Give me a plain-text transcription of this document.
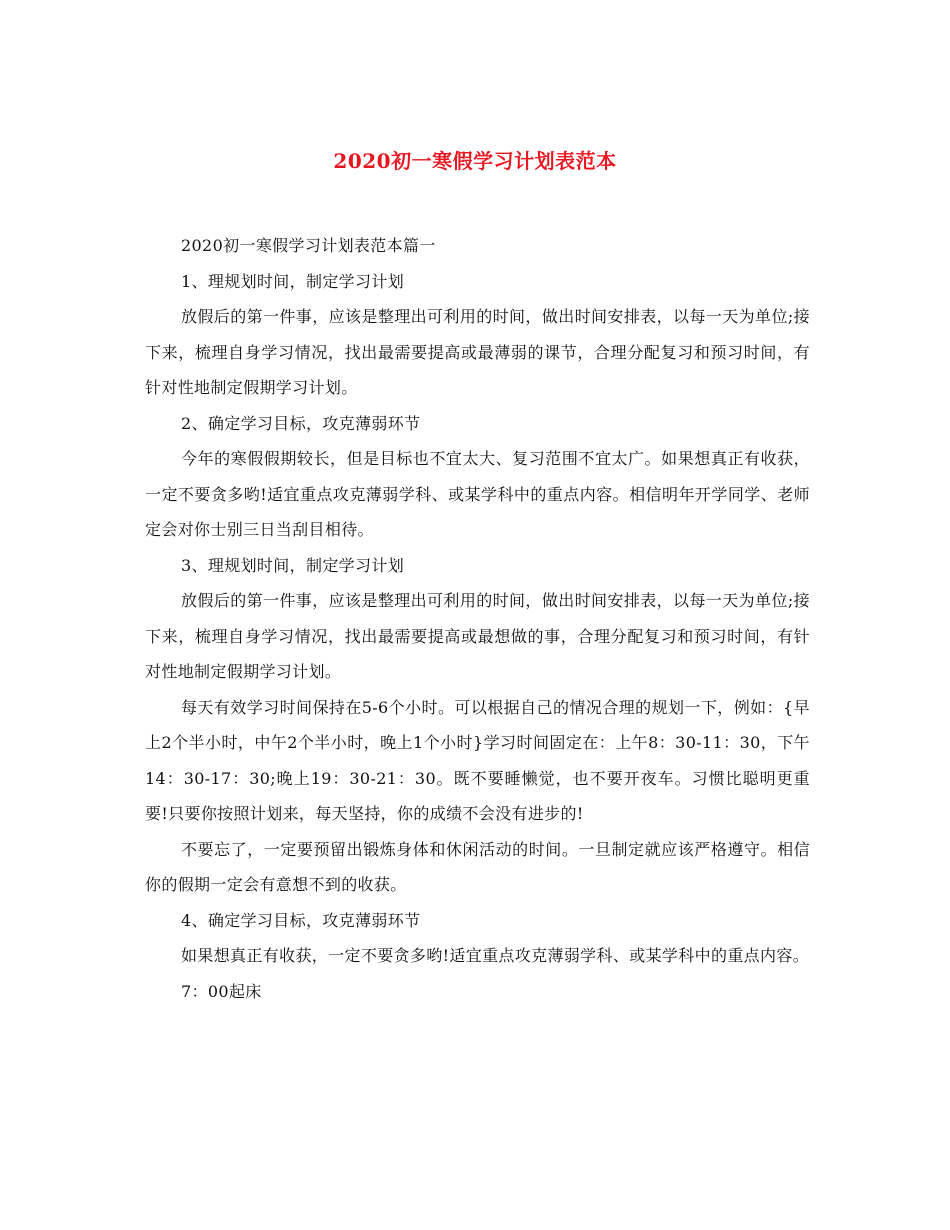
2020初一寒假学习计划表范本

2020初一寒假学习计划表范本篇一

1、理规划时间，制定学习计划

放假后的第一件事，应该是整理出可利用的时间，做出时间安排表，以每一天为单位;接下来，梳理自身学习情况，找出最需要提高或最薄弱的课节，合理分配复习和预习时间，有针对性地制定假期学习计划。

2、确定学习目标，攻克薄弱环节

今年的寒假假期较长，但是目标也不宜太大、复习范围不宜太广。如果想真正有收获，一定不要贪多哟!适宜重点攻克薄弱学科、或某学科中的重点内容。相信明年开学同学、老师定会对你士别三日当刮目相待。

3、理规划时间，制定学习计划

放假后的第一件事，应该是整理出可利用的时间，做出时间安排表，以每一天为单位;接下来，梳理自身学习情况，找出最需要提高或最想做的事，合理分配复习和预习时间，有针对性地制定假期学习计划。

每天有效学习时间保持在5-6个小时。可以根据自己的情况合理的规划一下，例如：{早上2个半小时，中午2个半小时，晚上1个小时}学习时间固定在：上午8：30-11：30，下午14：30-17：30;晚上19：30-21：30。既不要睡懒觉，也不要开夜车。习惯比聪明更重要!只要你按照计划来，每天坚持，你的成绩不会没有进步的!

不要忘了，一定要预留出锻炼身体和休闲活动的时间。一旦制定就应该严格遵守。相信你的假期一定会有意想不到的收获。

4、确定学习目标，攻克薄弱环节

如果想真正有收获，一定不要贪多哟!适宜重点攻克薄弱学科、或某学科中的重点内容。

7：00起床
